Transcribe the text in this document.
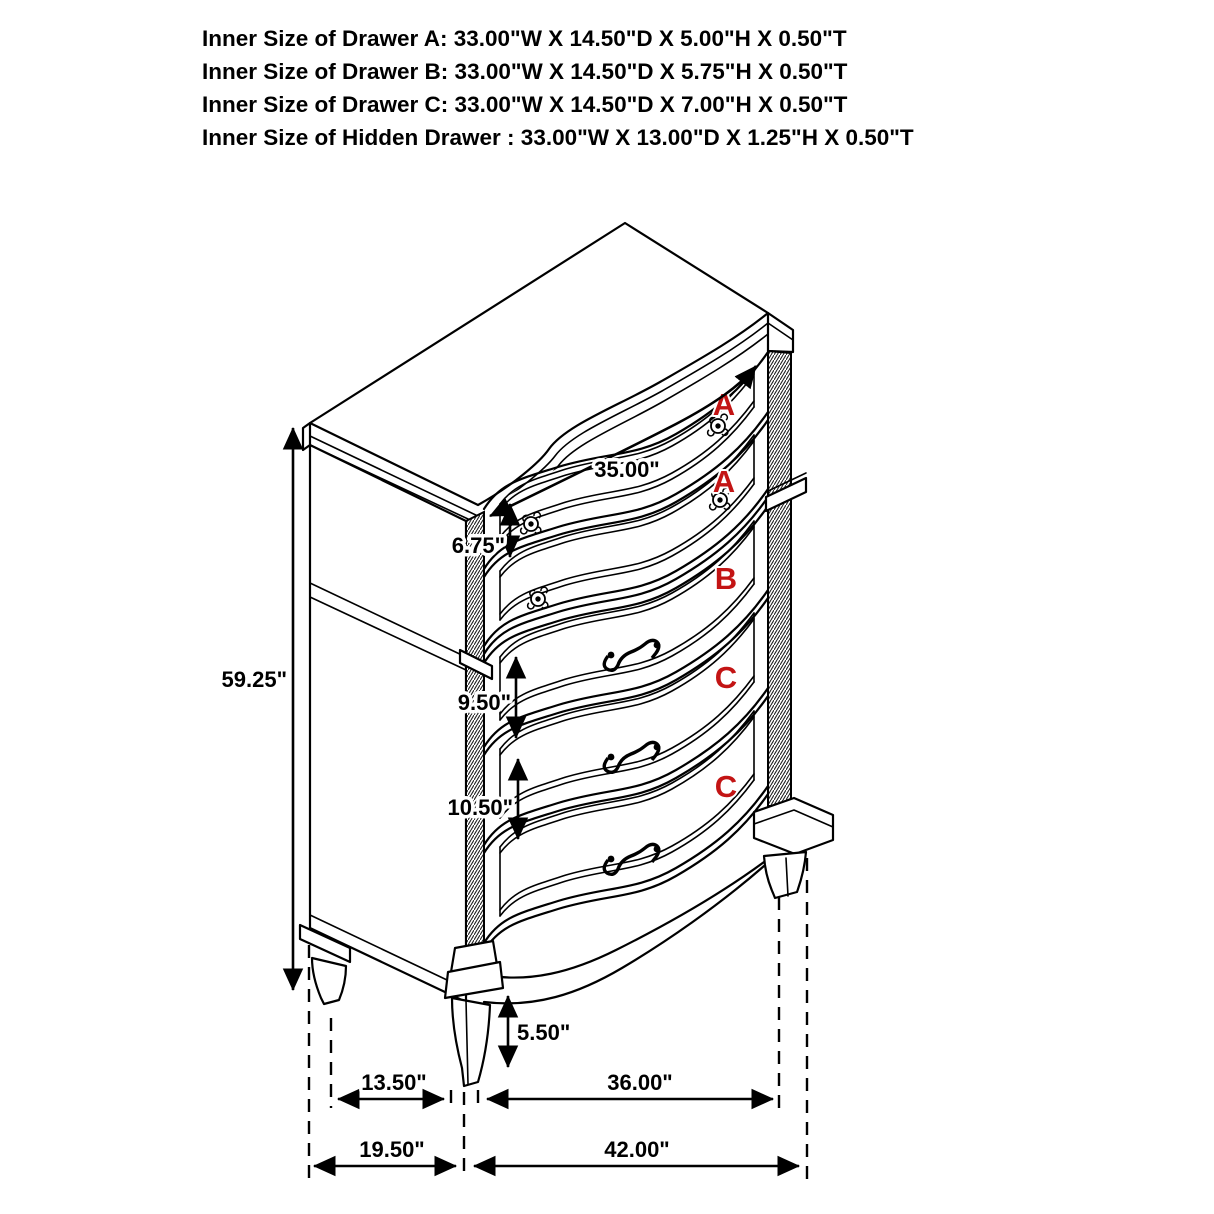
A
A
B
C
C
59.25"
35.00"
6.75"
9.50"
10.50"
5.50"
13.50"	36.00"
19.50"	42.00"
Inner Size of Drawer A: 33.00"W X 14.50"D X 5.00"H X 0.50"T
Inner Size of Drawer B: 33.00"W X 14.50"D X 5.75"H X 0.50"T
Inner Size of Drawer C: 33.00"W X 14.50"D X 7.00"H X 0.50"T
Inner Size of Hidden Drawer : 33.00"W X 13.00"D X 1.25"H X 0.50"T
